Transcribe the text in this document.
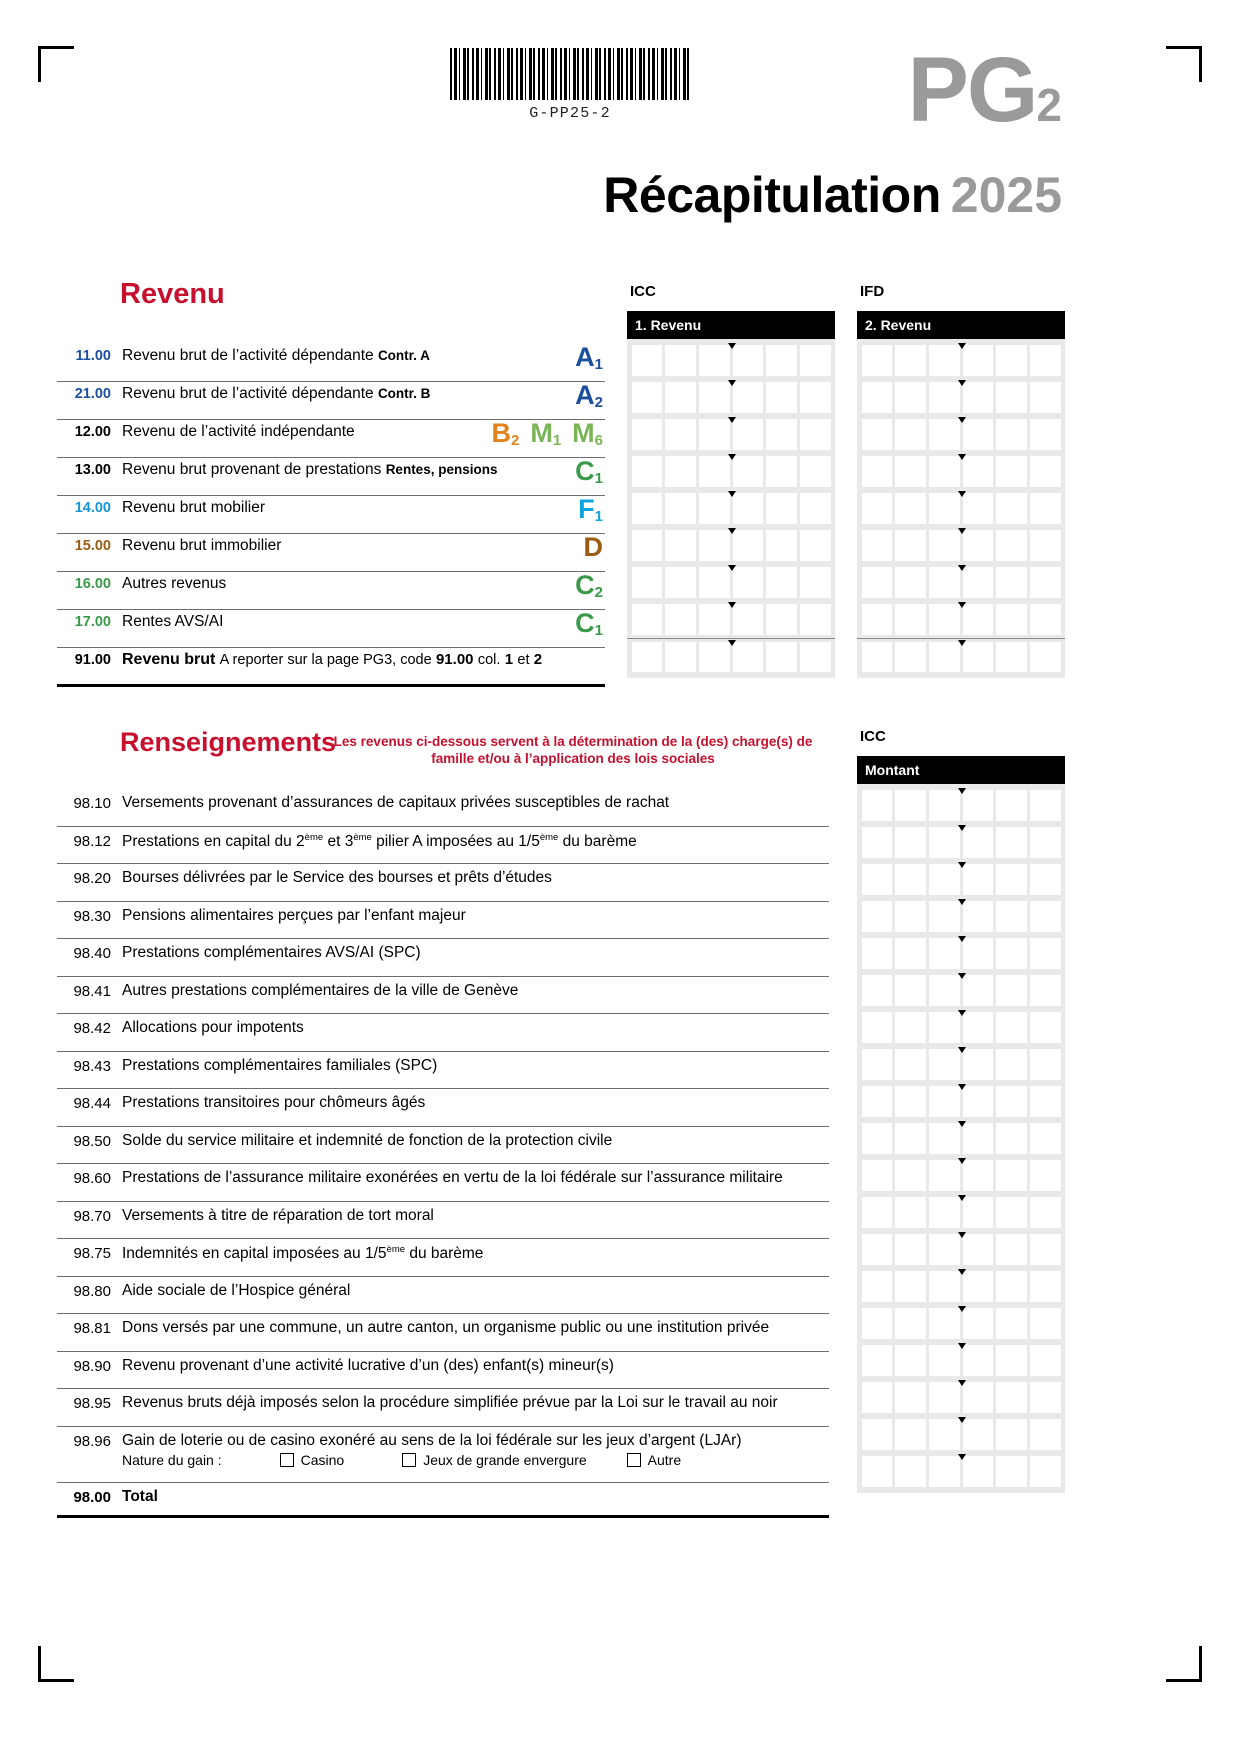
G-PP25-2	PG2
Récapitulation 2025
Revenu
11.00 Revenu brut de l’activité dépendante Contr. A	$A_1$
21.00 Revenu brut de l’activité dépendante Contr. B	$A_2$
12.00 Revenu de l’activité indépendante	$B_2$ $M_1$ $M_6$
13.00 Revenu brut provenant de prestations Rentes, pensions	$C_1$
14.00 Revenu brut mobilier	$F_1$
15.00 Revenu brut immobilier	D
16.00 Autres revenus	$C_2$
17.00 Rentes AVS/AI	$C_1$
91.00 Revenu brut A reporter sur la page PG3, code 91.00 col. 1 et 2
ICC
1. Revenu
IFD
2. Revenu
Renseignements
Les revenus ci-dessous servent à la détermination de la (des) charge(s) de famille et/ou à l’application des lois sociales
98.10 Versements provenant d’assurances de capitaux privées susceptibles de rachat
98.12 Prestations en capital du 2ème et 3ème pilier A imposées au 1/5ème du barème
98.20 Bourses délivrées par le Service des bourses et prêts d’études
98.30 Pensions alimentaires perçues par l’enfant majeur
98.40 Prestations complémentaires AVS/AI (SPC)
98.41 Autres prestations complémentaires de la ville de Genève
98.42 Allocations pour impotents
98.43 Prestations complémentaires familiales (SPC)
98.44 Prestations transitoires pour chômeurs âgés
98.50 Solde du service militaire et indemnité de fonction de la protection civile
98.60 Prestations de l’assurance militaire exonérées en vertu de la loi fédérale sur l’assurance militaire
98.70 Versements à titre de réparation de tort moral
98.75 Indemnités en capital imposées au 1/5ème du barème
98.80 Aide sociale de l’Hospice général
98.81 Dons versés par une commune, un autre canton, un organisme public ou une institution privée
98.90 Revenu provenant d’une activité lucrative d’un (des) enfant(s) mineur(s)
98.95 Revenus bruts déjà imposés selon la procédure simplifiée prévue par la Loi sur le travail au noir
98.96 Gain de loterie ou de casino exonéré au sens de la loi fédérale sur les jeux d’argent (LJAr)
Nature du gain :	Casino	Jeux de grande envergure	Autre
98.00 Total
ICC
Montant
